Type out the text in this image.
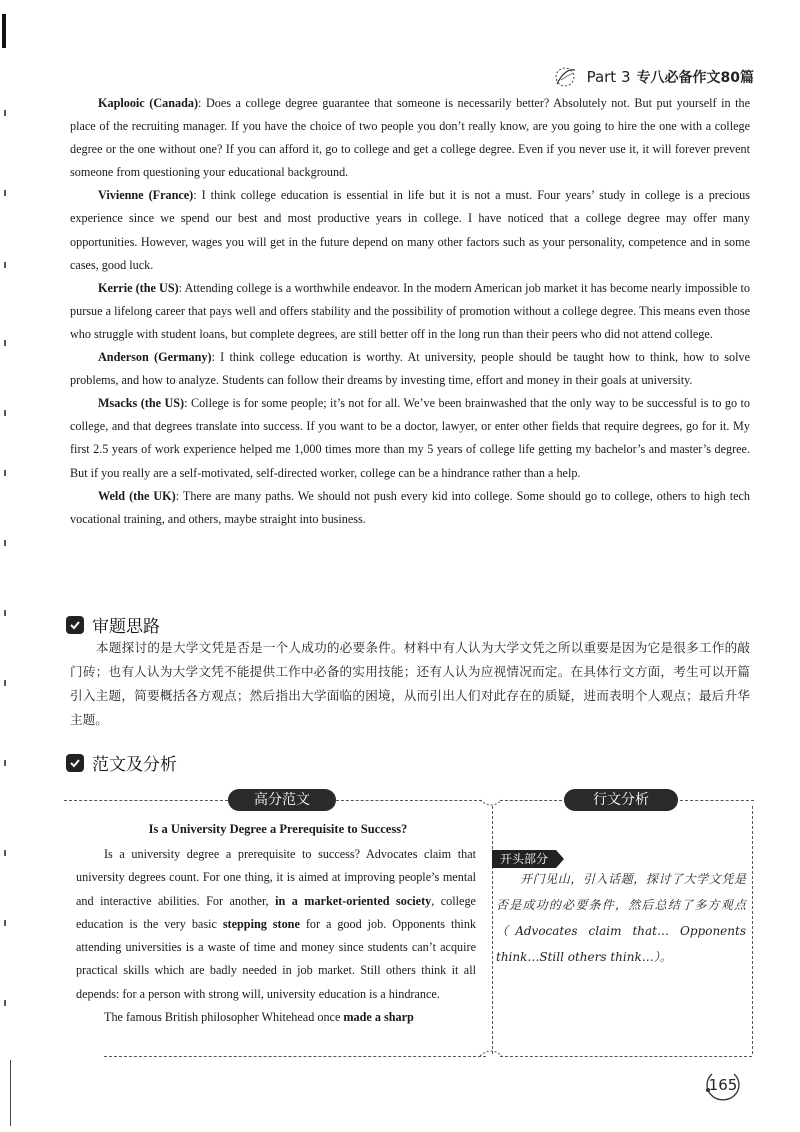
Part 3 专八必备作文80篇

Kaplooic (Canada): Does a college degree guarantee that someone is necessarily better? Absolutely not. But put yourself in the place of the recruiting manager. If you have the choice of two people you don’t really know, are you going to hire the one with a college degree or the one without one? If you can afford it, go to college and get a college degree. Even if you never use it, it will forever prevent someone from questioning your educational background.

Vivienne (France): I think college education is essential in life but it is not a must. Four years’ study in college is a precious experience since we spend our best and most productive years in college. I have noticed that a college degree may offer many opportunities. However, wages you will get in the future depend on many other factors such as your personality, competence and in some cases, good luck.

Kerrie (the US): Attending college is a worthwhile endeavor. In the modern American job market it has become nearly impossible to pursue a lifelong career that pays well and offers stability and the possibility of promotion without a college degree. This means even those who struggle with student loans, but complete degrees, are still better off in the long run than their peers who did not attend college.

Anderson (Germany): I think college education is worthy. At university, people should be taught how to think, how to solve problems, and how to analyze. Students can follow their dreams by investing time, effort and money in their goals at university.

Msacks (the US): College is for some people; it’s not for all. We’ve been brainwashed that the only way to be successful is to go to college, and that degrees translate into success. If you want to be a doctor, lawyer, or enter other fields that require degrees, go for it. My first 2.5 years of work experience helped me 1,000 times more than my 5 years of college life getting my bachelor’s and master’s degree. But if you really are a self-motivated, self-directed worker, college can be a hindrance rather than a help.

Weld (the UK): There are many paths. We should not push every kid into college. Some should go to college, others to high tech vocational training, and others, maybe straight into business.

审题思路

本题探讨的是大学文凭是否是一个人成功的必要条件。材料中有人认为大学文凭之所以重要是因为它是很多工作的敲门砖；也有人认为大学文凭不能提供工作中必备的实用技能；还有人认为应视情况而定。在具体行文方面，考生可以开篇引入主题，简要概括各方观点；然后指出大学面临的困境，从而引出人们对此存在的质疑，进而表明个人观点；最后升华主题。

范文及分析
高分范文	行文分析
Is a University Degree a Prerequisite to Success?

Is a university degree a prerequisite to success? Advocates claim that university degrees count. For one thing, it is aimed at improving people’s mental and interactive abilities. For another, in a market-oriented society, college education is the very basic stepping stone for a good job. Opponents think attending universities is a waste of time and money since students can’t acquire practical skills which are badly needed in job market. Still others think it all depends: for a person with strong will, university education is a hindrance.

The famous British philosopher Whitehead once made a sharp

开头部分

开门见山，引入话题，探讨了大学文凭是否是成功的必要条件，然后总结了多方观点（Advocates claim that… Opponents think…Still others think…）。

165
